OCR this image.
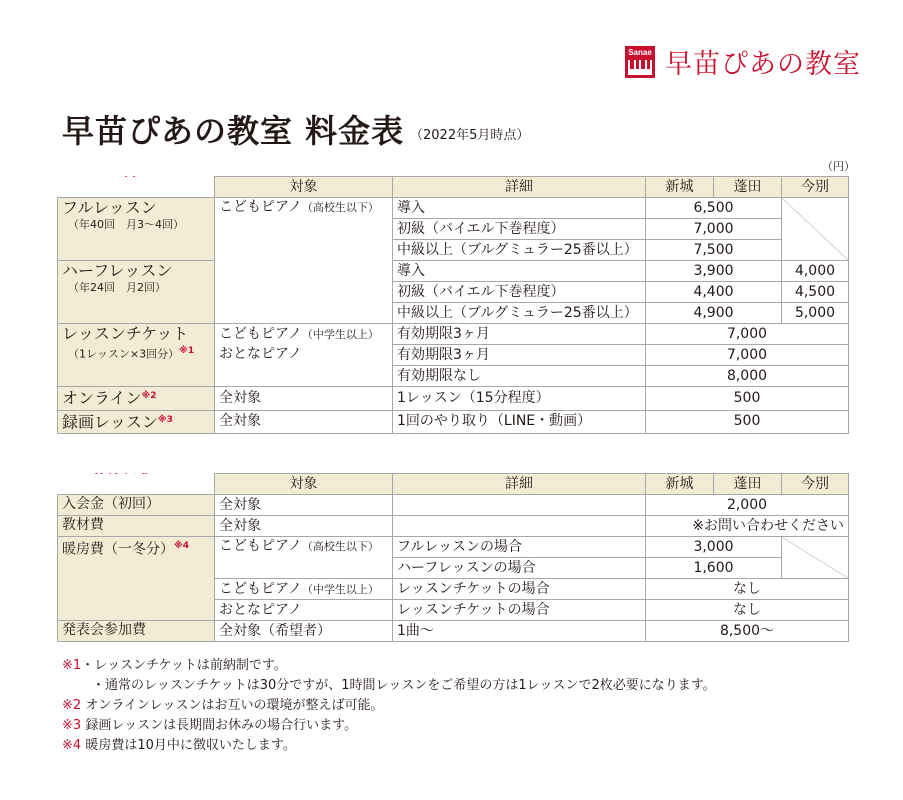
Sanae 早苗ぴあの教室
早苗ぴあの教室 料金表 （2022年5月時点）
（円）
	対象	詳細	新城	蓬田	今別

フルレッスン
（年40回　月3〜4回）	こどもピアノ（高校生以下）	導入	6,500		
		初級（バイエル下巻程度）	7,000		
		中級以上（ブルグミュラー25番以上）	7,500		

ハーフレッスン
（年24回　月2回）		導入	3,900		4,000
		初級（バイエル下巻程度）	4,400		4,500
		中級以上（ブルグミュラー25番以上）	4,900		5,000

レッスンチケット
（1レッスン×3回分）$^{※1}$	こどもピアノ（中学生以上）	有効期限3ヶ月	7,000		
	おとなピアノ	有効期限3ヶ月	7,000		
		有効期限なし	8,000		
オンライン$^{※2}$	全対象	1レッスン（15分程度）	500		
録画レッスン$^{※3}$	全対象	1回のやり取り（LINE・動画）	500		
	対象	詳細	新城	蓬田	今別
入会金（初回）	全対象		2,000		
教材費	全対象		※お問い合わせください		
暖房費（一冬分）$^{※4}$	こどもピアノ（高校生以下）	フルレッスンの場合	3,000		
		ハーフレッスンの場合	1,600		
	こどもピアノ（中学生以上）	レッスンチケットの場合	なし		
	おとなピアノ	レッスンチケットの場合	なし		
発表会参加費	全対象（希望者）	1曲〜	8,500〜		
※1・レッスンチケットは前納制です。
・通常のレッスンチケットは30分ですが、1時間レッスンをご希望の方は1レッスンで2枚必要になります。
※2 オンラインレッスンはお互いの環境が整えば可能。
※3 録画レッスンは長期間お休みの場合行います。
※4 暖房費は10月中に徴収いたします。
